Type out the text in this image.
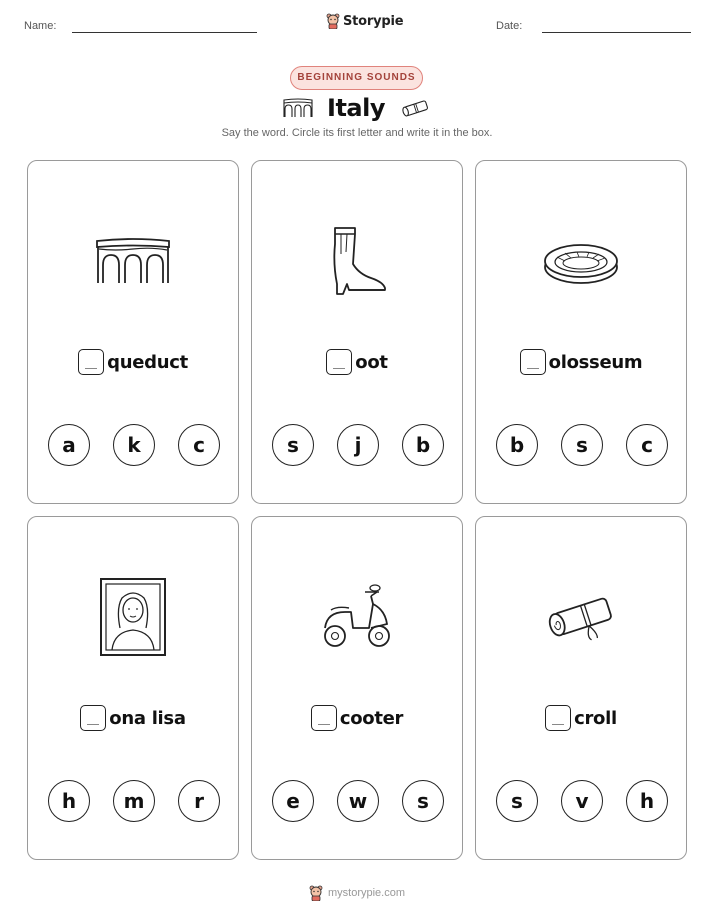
Name:	Storypie	Date:
BEGINNING SOUNDS
Italy
Say the word. Circle its first letter and write it in the box.
queduct
a	k	c
oot
s	j	b
olosseum
b	s	c
ona lisa
h	m	r
cooter
e	w	s
croll
s	v	h
mystorypie.com
